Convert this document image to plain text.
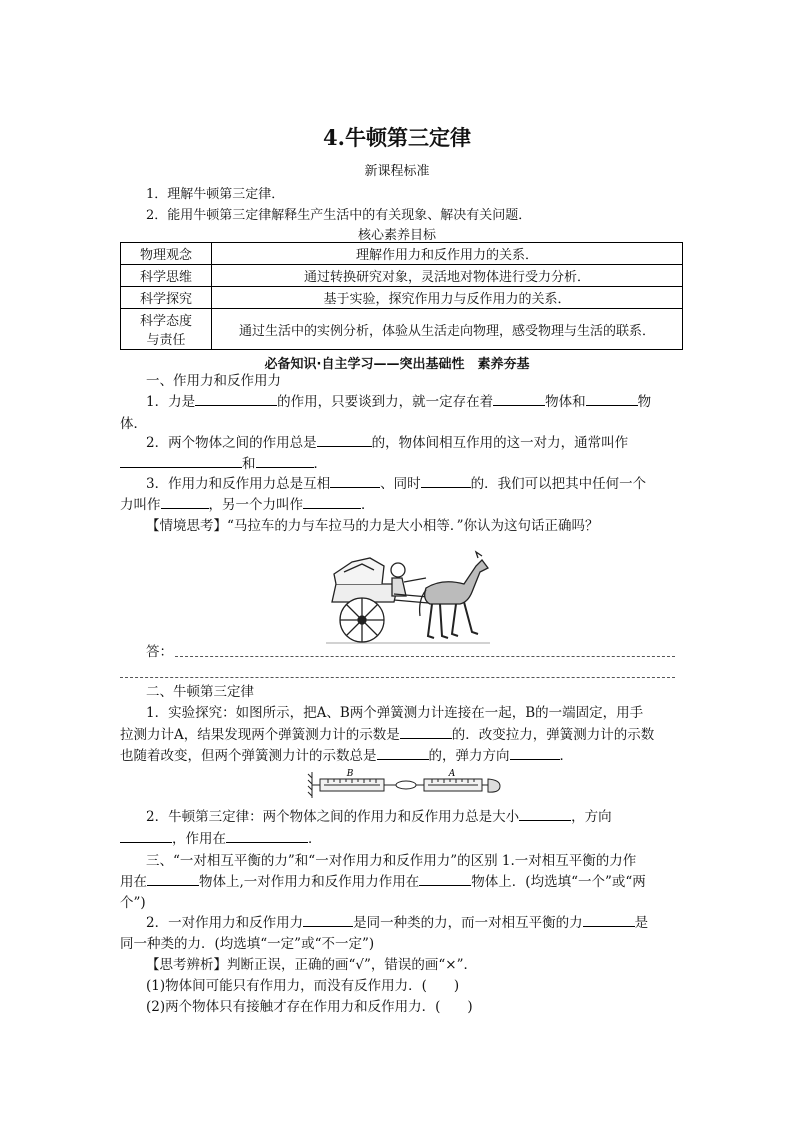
4.牛顿第三定律
新课程标准
1．理解牛顿第三定律．
2．能用牛顿第三定律解释生产生活中的有关现象、解决有关问题．
核心素养目标
物理观念	理解作用力和反作用力的关系．
科学思维	通过转换研究对象，灵活地对物体进行受力分析．
科学探究	基于实验，探究作用力与反作用力的关系．

科学态度
与责任	通过生活中的实例分析，体验从生活走向物理，感受物理与生活的联系．
必备知识·自主学习——突出基础性　素养夯基
一、作用力和反作用力
1．力是	的作用，只要谈到力，就一定存在着	物体和	物
体．
2．两个物体之间的作用总是	的，物体间相互作用的这一对力，通常叫作
和	．
3．作用力和反作用力总是互相	、同时	的．我们可以把其中任何一个
力叫作	，另一个力叫作	．
【情境思考】“马拉车的力与车拉马的力是大小相等．”你认为这句话正确吗？
答：
二、牛顿第三定律
1．实验探究：如图所示，把A、B两个弹簧测力计连接在一起，B的一端固定，用手
拉测力计A，结果发现两个弹簧测力计的示数是	的．改变拉力，弹簧测力计的示数
也随着改变，但两个弹簧测力计的示数总是	的，弹力方向	．
B	A
2．牛顿第三定律：两个物体之间的作用力和反作用力总是大小	，方向
，作用在	．
三、“一对相互平衡的力”和“一对作用力和反作用力”的区别 1.一对相互平衡的力作
用在	物体上,一对作用力和反作用力作用在	物体上．(均选填“一个”或“两
个”)
2．一对作用力和反作用力	是同一种类的力，而一对相互平衡的力	是
同一种类的力．(均选填“一定”或“不一定”)
【思考辨析】判断正误，正确的画“√”，错误的画“×”．
(1)物体间可能只有作用力，而没有反作用力．(　　)
(2)两个物体只有接触才存在作用力和反作用力．(　　)
